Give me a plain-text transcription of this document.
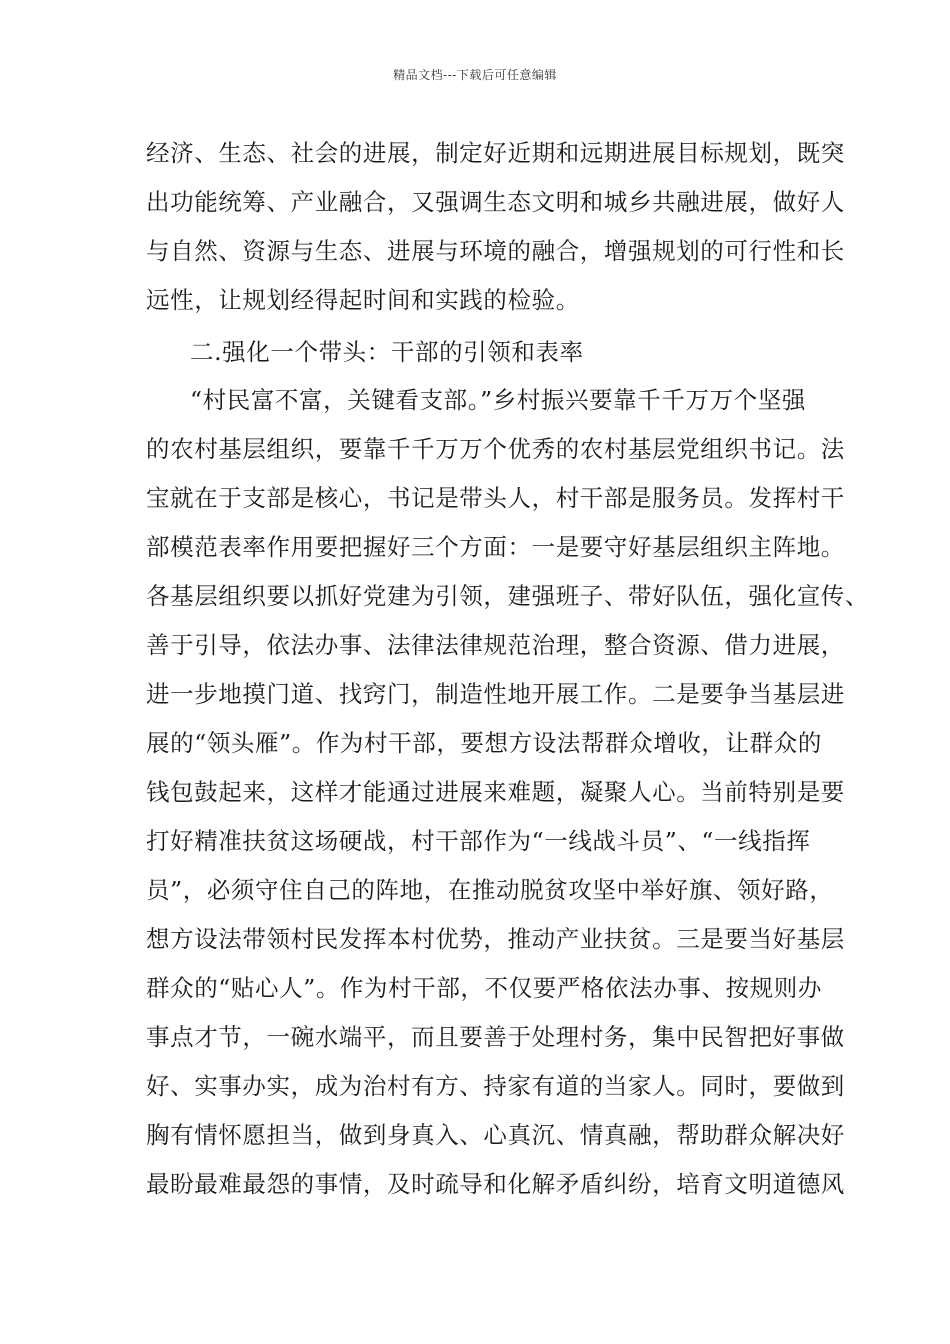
精品文档---下载后可任意编辑
经济、生态、社会的进展，制定好近期和远期进展目标规划，既突
出功能统筹、产业融合，又强调生态文明和城乡共融进展，做好人
与自然、资源与生态、进展与环境的融合，增强规划的可行性和长
远性，让规划经得起时间和实践的检验。
二.强化一个带头：干部的引领和表率
“村民富不富，关键看支部。”乡村振兴要靠千千万万个坚强
的农村基层组织，要靠千千万万个优秀的农村基层党组织书记。法
宝就在于支部是核心，书记是带头人，村干部是服务员。发挥村干
部模范表率作用要把握好三个方面：一是要守好基层组织主阵地。
各基层组织要以抓好党建为引领，建强班子、带好队伍，强化宣传、
善于引导，依法办事、法律法律规范治理，整合资源、借力进展，
进一步地摸门道、找窍门，制造性地开展工作。二是要争当基层进
展的“领头雁”。作为村干部，要想方设法帮群众增收，让群众的
钱包鼓起来，这样才能通过进展来难题，凝聚人心。当前特别是要
打好精准扶贫这场硬战，村干部作为“一线战斗员”、“一线指挥
员”，必须守住自己的阵地，在推动脱贫攻坚中举好旗、领好路，
想方设法带领村民发挥本村优势，推动产业扶贫。三是要当好基层
群众的“贴心人”。作为村干部，不仅要严格依法办事、按规则办
事点才节，一碗水端平，而且要善于处理村务，集中民智把好事做
好、实事办实，成为治村有方、持家有道的当家人。同时，要做到
胸有情怀愿担当，做到身真入、心真沉、情真融，帮助群众解决好
最盼最难最怨的事情，及时疏导和化解矛盾纠纷，培育文明道德风
